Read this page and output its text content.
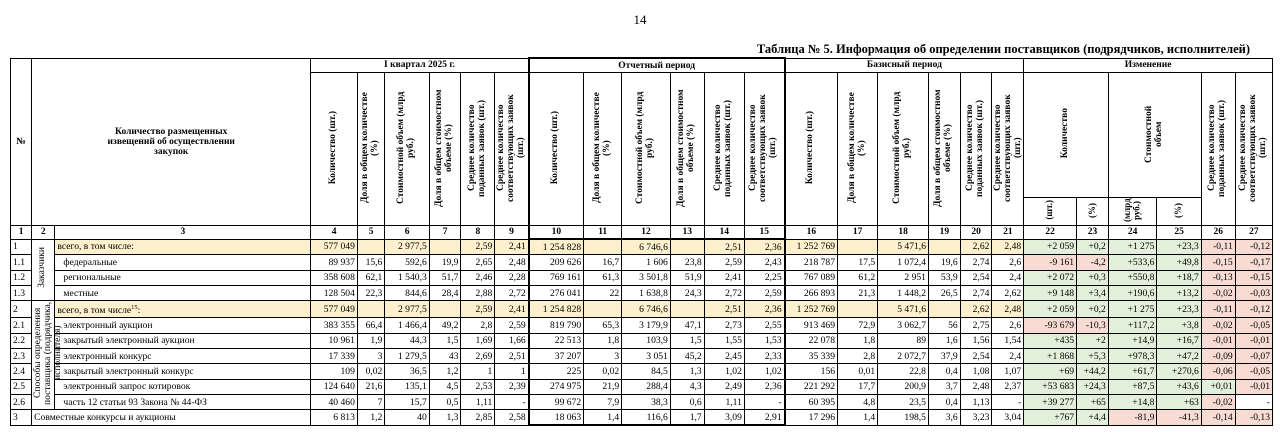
14
Таблица № 5. Информация об определении поставщиков (подрядчиков, исполнителей)
№	Количество размещенных извещений об осуществлении закупок		I квартал 2025 г.						Отчетный период						Базисный период						Изменение					
			Количество (шт.)	Доля в общем количестве (%)	Стоимостной объем (млрд руб.)	Доля в общем стоимостном объеме (%)	Среднее количество поданных заявок (шт.)	Среднее количество соответствующих заявок (шт.)	Количество (шт.)	Доля в общем количестве (%)	Стоимостной объем (млрд руб.)	Доля в общем стоимостном объеме (%)	Среднее количество поданных заявок (шт.)	Среднее количество соответствующих заявок (шт.)	Количество (шт.)	Доля в общем количестве (%)	Стоимостной объем (млрд руб.)	Доля в общем стоимостном объеме (%)	Среднее количество поданных заявок (шт.)	Среднее количество соответствующих заявок (шт.)	Количество		Стоимостной объем		Среднее количество поданных заявок (шт.)	Среднее количество соответствующих заявок (шт.)
																					(шт.)	(%)	(млрд руб.)	(%)		
1	2	3	4	5	6	7	8	9	10	11	12	13	14	15	16	17	18	19	20	21	22	23	24	25	26	27
1	Заказчики	всего, в том числе:	577 049		2 977,5		2,59	2,41	1 254 828		6 746,6		2,51	2,36	1 252 769		5 471,6		2,62	2,48	+2 059	+0,2	+1 275	+23,3	-0,11	-0,12
1.1		федеральные	89 937	15,6	592,6	19,9	2,65	2,48	209 626	16,7	1 606	23,8	2,59	2,43	218 787	17,5	1 072,4	19,6	2,74	2,6	-9 161	-4,2	+533,6	+49,8	-0,15	-0,17
1.2		региональные	358 608	62,1	1 540,3	51,7	2,46	2,28	769 161	61,3	3 501,8	51,9	2,41	2,25	767 089	61,2	2 951	53,9	2,54	2,4	+2 072	+0,3	+550,8	+18,7	-0,13	-0,15
1.3		местные	128 504	22,3	844,6	28,4	2,88	2,72	276 041	22	1 638,8	24,3	2,72	2,59	266 893	21,3	1 448,2	26,5	2,74	2,62	+9 148	+3,4	+190,6	+13,2	-0,02	-0,03
2	Способы определения поставщика (подрядчика, исполнителя)	всего, в том числе$^{15}$:	577 049		2 977,5		2,59	2,41	1 254 828		6 746,6		2,51	2,36	1 252 769		5 471,6		2,62	2,48	+2 059	+0,2	+1 275	+23,3	-0,11	-0,12
2.1		электронный аукцион	383 355	66,4	1 466,4	49,2	2,8	2,59	819 790	65,3	3 179,9	47,1	2,73	2,55	913 469	72,9	3 062,7	56	2,75	2,6	-93 679	-10,3	+117,2	+3,8	-0,02	-0,05
2.2		закрытый электронный аукцион	10 961	1,9	44,3	1,5	1,69	1,66	22 513	1,8	103,9	1,5	1,55	1,53	22 078	1,8	89	1,6	1,56	1,54	+435	+2	+14,9	+16,7	-0,01	-0,01
2.3		электронный конкурс	17 339	3	1 279,5	43	2,69	2,51	37 207	3	3 051	45,2	2,45	2,33	35 339	2,8	2 072,7	37,9	2,54	2,4	+1 868	+5,3	+978,3	+47,2	-0,09	-0,07
2.4		закрытый электронный конкурс	109	0,02	36,5	1,2	1	1	225	0,02	84,5	1,3	1,02	1,02	156	0,01	22,8	0,4	1,08	1,07	+69	+44,2	+61,7	+270,6	-0,06	-0,05
2.5		электронный запрос котировок	124 640	21,6	135,1	4,5	2,53	2,39	274 975	21,9	288,4	4,3	2,49	2,36	221 292	17,7	200,9	3,7	2,48	2,37	+53 683	+24,3	+87,5	+43,6	+0,01	-0,01
2.6		часть 12 статьи 93 Закона № 44-ФЗ	40 460	7	15,7	0,5	1,11	-	99 672	7,9	38,3	0,6	1,11	-	60 395	4,8	23,5	0,4	1,13	-	+39 277	+65	+14,8	+63	-0,02	-
3	Совместные конкурсы и аукционы		6 813	1,2	40	1,3	2,85	2,58	18 063	1,4	116,6	1,7	3,09	2,91	17 296	1,4	198,5	3,6	3,23	3,04	+767	+4,4	-81,9	-41,3	-0,14	-0,13
